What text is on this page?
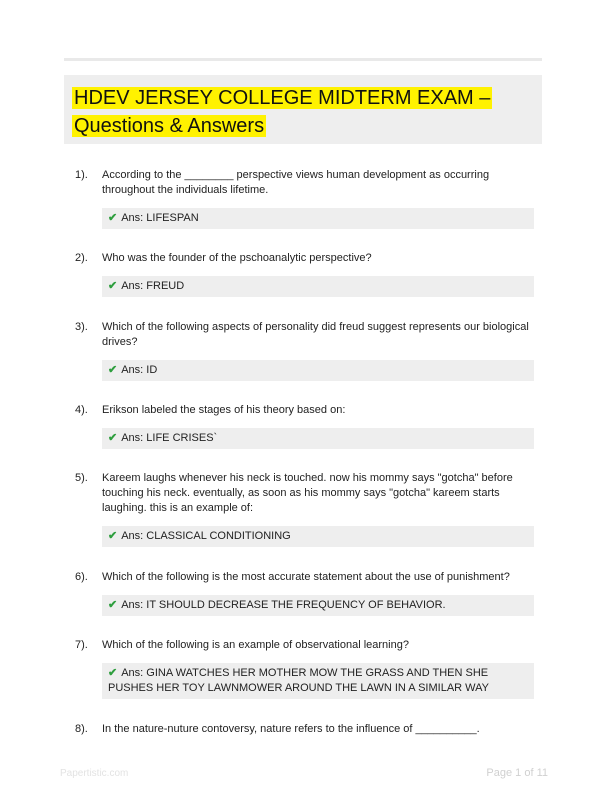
HDEV JERSEY COLLEGE MIDTERM EXAM – Questions & Answers
1).	According to the ________ perspective views human development as occurring throughout the individuals lifetime.
✔ Ans: LIFESPAN
2).	Who was the founder of the pschoanalytic perspective?
✔ Ans: FREUD
3).	Which of the following aspects of personality did freud suggest represents our biological drives?
✔ Ans: ID
4).	Erikson labeled the stages of his theory based on:
✔ Ans: LIFE CRISES`
5).	Kareem laughs whenever his neck is touched. now his mommy says "gotcha" before touching his neck. eventually, as soon as his mommy says "gotcha" kareem starts laughing. this is an example of:
✔ Ans: CLASSICAL CONDITIONING
6).	Which of the following is the most accurate statement about the use of punishment?
✔ Ans: IT SHOULD DECREASE THE FREQUENCY OF BEHAVIOR.
7).	Which of the following is an example of observational learning?
✔ Ans: GINA WATCHES HER MOTHER MOW THE GRASS AND THEN SHE PUSHES HER TOY LAWNMOWER AROUND THE LAWN IN A SIMILAR WAY
8).	In the nature-nuture contoversy, nature refers to the influence of __________.
Papertistic.com	Page 1 of 11
